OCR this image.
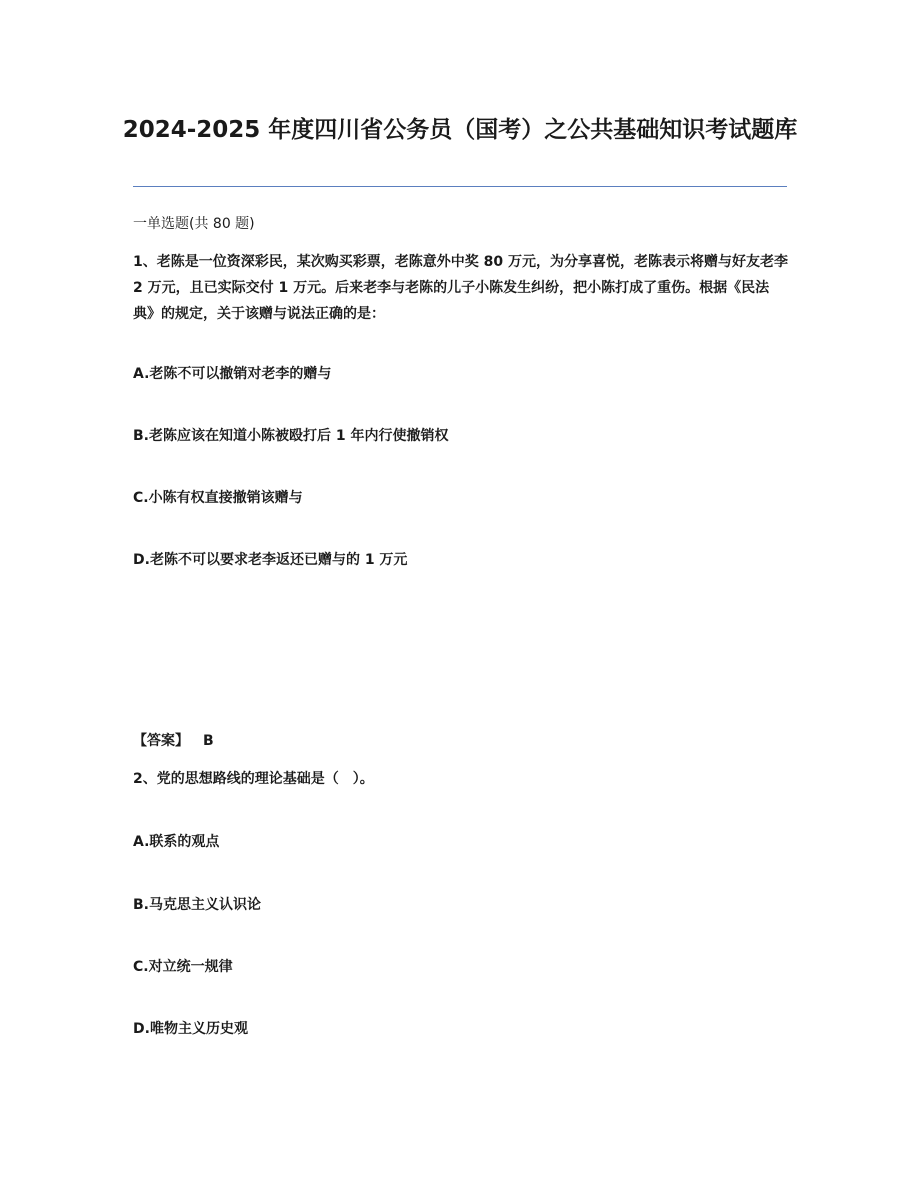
2024-2025 年度四川省公务员（国考）之公共基础知识考试题库
一单选题(共 80 题)

1、老陈是一位资深彩民，某次购买彩票，老陈意外中奖 80 万元，为分享喜悦，老陈表示将赠与好友老李 2 万元，且已实际交付 1 万元。后来老李与老陈的儿子小陈发生纠纷，把小陈打成了重伤。根据《民法典》的规定，关于该赠与说法正确的是：

A.老陈不可以撤销对老李的赠与
B.老陈应该在知道小陈被殴打后 1 年内行使撤销权
C.小陈有权直接撤销该赠与
D.老陈不可以要求老李返还已赠与的 1 万元
【答案】 B

2、党的思想路线的理论基础是（　）。

A.联系的观点
B.马克思主义认识论
C.对立统一规律
D.唯物主义历史观
